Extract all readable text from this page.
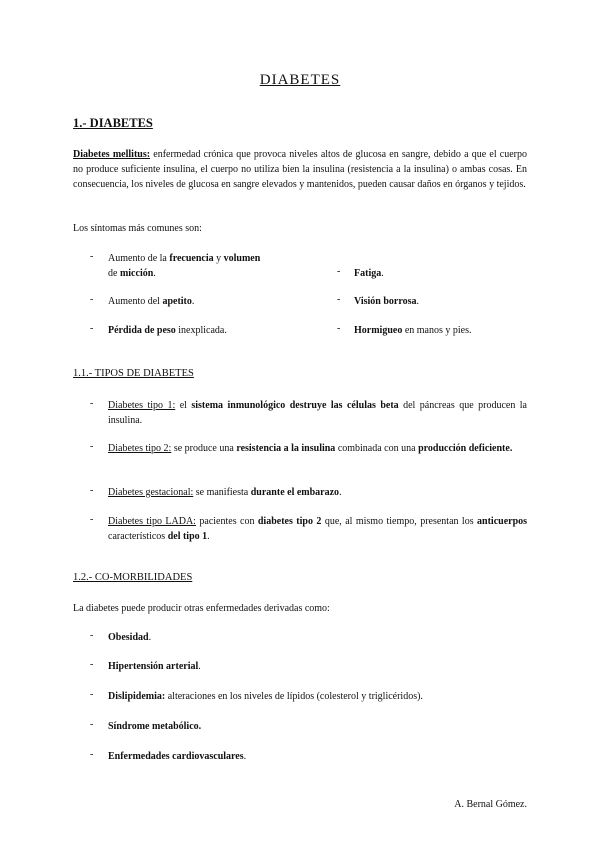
DIABETES
1.- DIABETES
Diabetes mellitus: enfermedad crónica que provoca niveles altos de glucosa en sangre, debido a que el cuerpo no produce suficiente insulina, el cuerpo no utiliza bien la insulina (resistencia a la insulina) o ambas cosas. En consecuencia, los niveles de glucosa en sangre elevados y mantenidos, pueden causar daños en órganos y tejidos.
Los síntomas más comunes son:
- Aumento de la frecuencia y volumen
de micción.
- Aumento del apetito.
- Pérdida de peso inexplicada.
- Fatiga.
- Visión borrosa.
- Hormigueo en manos y pies.
1.1.- TIPOS DE DIABETES
- Diabetes tipo 1: el sistema inmunológico destruye las células beta del páncreas que producen la insulina.
- Diabetes tipo 2: se produce una resistencia a la insulina combinada con una producción deficiente.
- Diabetes gestacional: se manifiesta durante el embarazo.
- Diabetes tipo LADA: pacientes con diabetes tipo 2 que, al mismo tiempo, presentan los anticuerpos característicos del tipo 1.
1.2.- CO-MORBILIDADES
La diabetes puede producir otras enfermedades derivadas como:
- Obesidad.
- Hipertensión arterial.
- Dislipidemia: alteraciones en los niveles de lípidos (colesterol y triglicéridos).
- Síndrome metabólico.
- Enfermedades cardiovasculares.
A. Bernal Gómez.
